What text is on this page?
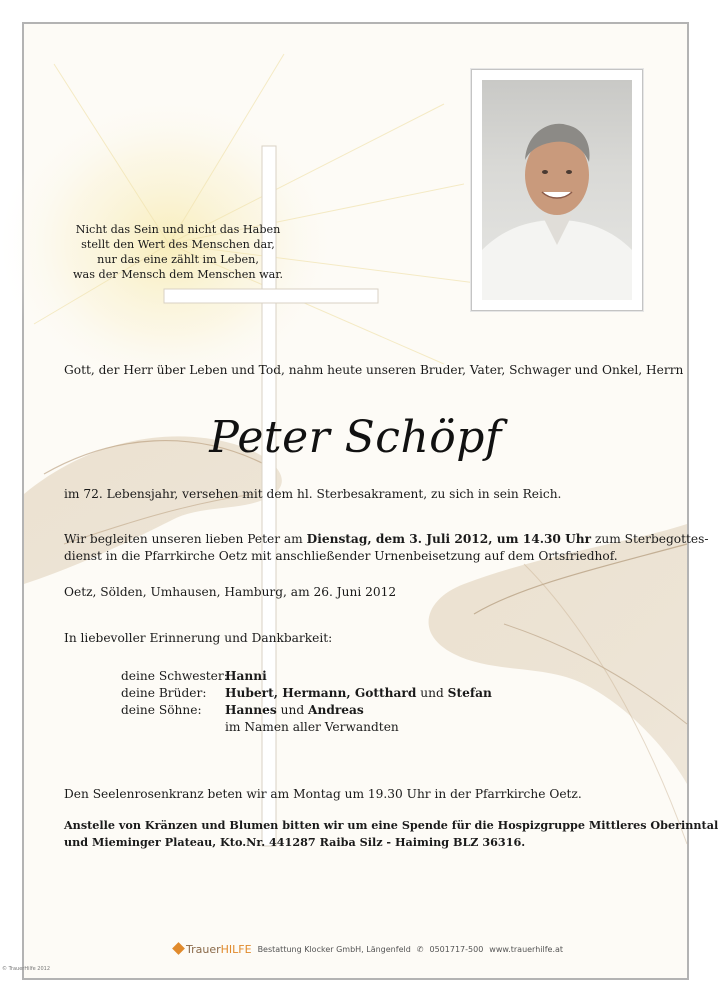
Nicht das Sein und nicht das Haben
stellt den Wert des Menschen dar,
nur das eine zählt im Leben,
was der Mensch dem Menschen war.
Gott, der Herr über Leben und Tod, nahm heute unseren Bruder, Vater, Schwager und Onkel, Herrn
Peter Schöpf
im 72. Lebensjahr, versehen mit dem hl. Sterbesakrament, zu sich in sein Reich.
Wir begleiten unseren lieben Peter am Dienstag, dem 3. Juli 2012, um 14.30 Uhr zum Sterbegottes-
dienst in die Pfarrkirche Oetz mit anschließender Urnenbeisetzung auf dem Ortsfriedhof.
Oetz, Sölden, Umhausen, Hamburg, am 26. Juni 2012
In liebevoller Erinnerung und Dankbarkeit:
deine Schwester:
Hanni
deine Brüder: Hubert, Hermann, Gotthard und Stefan
deine Söhne: Hannes und Andreas
im Namen aller Verwandten
Den Seelenrosenkranz beten wir am Montag um 19.30 Uhr in der Pfarrkirche Oetz.
Anstelle von Kränzen und Blumen bitten wir um eine Spende für die Hospizgruppe Mittleres Oberinntal
und Mieminger Plateau, Kto.Nr. 441287 Raiba Silz - Haiming BLZ 36316.
TrauerHILFE Bestattung Klocker GmbH, Längenfeld ✆ 0501717-500 www.trauerhilfe.at
© TrauerHilfe 2012
